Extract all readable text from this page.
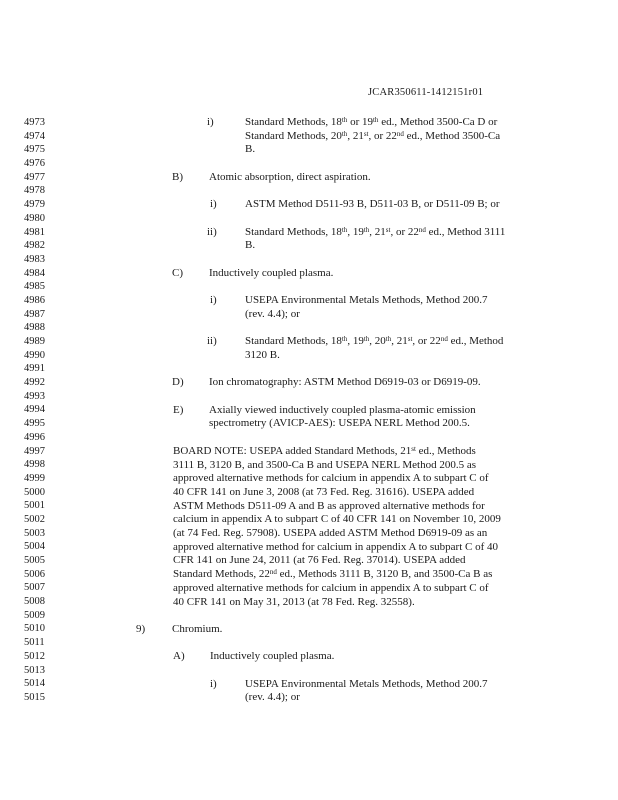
JCAR350611-1412151r01
4973
4974
4975
4976
4977
4978
4979
4980
4981
4982
4983
4984
4985
4986
4987
4988
4989
4990
4991
4992
4993
4994
4995
4996
4997
4998
4999
5000
5001
5002
5003
5004
5005
5006
5007
5008
5009
5010
5011
5012
5013
5014
5015
i)	Standard Methods, 18th or 19th ed., Method 3500-Ca D or
Standard Methods, 20th, 21st, or 22nd ed., Method 3500-Ca
B.
B) Atomic absorption, direct aspiration.
i)	ASTM Method D511-93 B, D511-03 B, or D511-09 B; or
ii)	Standard Methods, 18th, 19th, 21st, or 22nd ed., Method 3111
B.
C) Inductively coupled plasma.
i)	USEPA Environmental Metals Methods, Method 200.7
(rev. 4.4); or
ii)	Standard Methods, 18th, 19th, 20th, 21st, or 22nd ed., Method
3120 B.
D) Ion chromatography: ASTM Method D6919-03 or D6919-09.
E) Axially viewed inductively coupled plasma-atomic emission
spectrometry (AVICP-AES): USEPA NERL Method 200.5.
BOARD NOTE: USEPA added Standard Methods, 21st ed., Methods
3111 B, 3120 B, and 3500-Ca B and USEPA NERL Method 200.5 as
approved alternative methods for calcium in appendix A to subpart C of
40 CFR 141 on June 3, 2008 (at 73 Fed. Reg. 31616). USEPA added
ASTM Methods D511-09 A and B as approved alternative methods for
calcium in appendix A to subpart C of 40 CFR 141 on November 10, 2009
(at 74 Fed. Reg. 57908). USEPA added ASTM Method D6919-09 as an
approved alternative method for calcium in appendix A to subpart C of 40
CFR 141 on June 24, 2011 (at 76 Fed. Reg. 37014). USEPA added
Standard Methods, 22nd ed., Methods 3111 B, 3120 B, and 3500-Ca B as
approved alternative methods for calcium in appendix A to subpart C of
40 CFR 141 on May 31, 2013 (at 78 Fed. Reg. 32558).
9) Chromium.
A) Inductively coupled plasma.
i)	USEPA Environmental Metals Methods, Method 200.7
(rev. 4.4); or
